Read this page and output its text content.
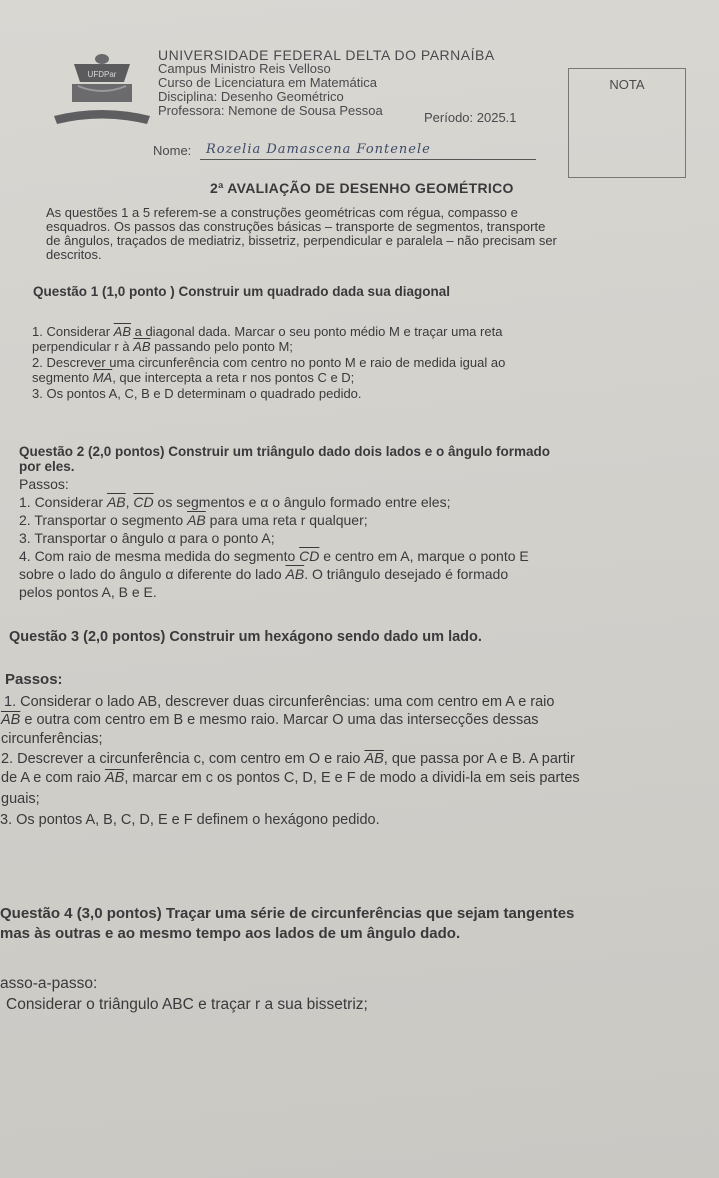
UFDPar
UNIVERSIDADE FEDERAL DELTA DO PARNAÍBA
Campus Ministro Reis Velloso
Curso de Licenciatura em Matemática
Disciplina: Desenho Geométrico
Professora: Nemone de Sousa Pessoa	Período: 2025.1
NOTA
Nome: Rozelia Damascena Fontenele
2ª AVALIAÇÃO DE DESENHO GEOMÉTRICO
As questões 1 a 5 referem-se a construções geométricas com régua, compasso e
esquadros. Os passos das construções básicas – transporte de segmentos, transporte
de ângulos, traçados de mediatriz, bissetriz, perpendicular e paralela – não precisam ser
descritos.
Questão 1 (1,0 ponto ) Construir um quadrado dada sua diagonal
1. Considerar $\overline{AB}$ a diagonal dada. Marcar o seu ponto médio M e traçar uma reta
perpendicular r à $\overline{AB}$ passando pelo ponto M;
2. Descrever uma circunferência com centro no ponto M e raio de medida igual ao
segmento $\overline{MA}$, que intercepta a reta r nos pontos C e D;
3. Os pontos A, C, B e D determinam o quadrado pedido.
Questão 2 (2,0 pontos) Construir um triângulo dado dois lados e o ângulo formado
por eles.
Passos:
1. Considerar $\overline{AB}$, $\overline{CD}$ os segmentos e α o ângulo formado entre eles;
2. Transportar o segmento $\overline{AB}$ para uma reta r qualquer;
3. Transportar o ângulo α para o ponto A;
4. Com raio de mesma medida do segmento $\overline{CD}$ e centro em A, marque o ponto E
sobre o lado do ângulo α diferente do lado $\overline{AB}$. O triângulo desejado é formado
pelos pontos A, B e E.
Questão 3 (2,0 pontos) Construir um hexágono sendo dado um lado.
Passos:
1. Considerar o lado AB, descrever duas circunferências: uma com centro em A e raio
$\overline{AB}$ e outra com centro em B e mesmo raio. Marcar O uma das intersecções dessas
circunferências;
2. Descrever a circunferência c, com centro em O e raio $\overline{AB}$, que passa por A e B. A partir
de A e com raio $\overline{AB}$, marcar em c os pontos C, D, E e F de modo a dividi-la em seis partes
guais;
3. Os pontos A, B, C, D, E e F definem o hexágono pedido.
Questão 4 (3,0 pontos) Traçar uma série de circunferências que sejam tangentes
mas às outras e ao mesmo tempo aos lados de um ângulo dado.
asso-a-passo:
Considerar o triângulo ABC e traçar r a sua bissetriz;
